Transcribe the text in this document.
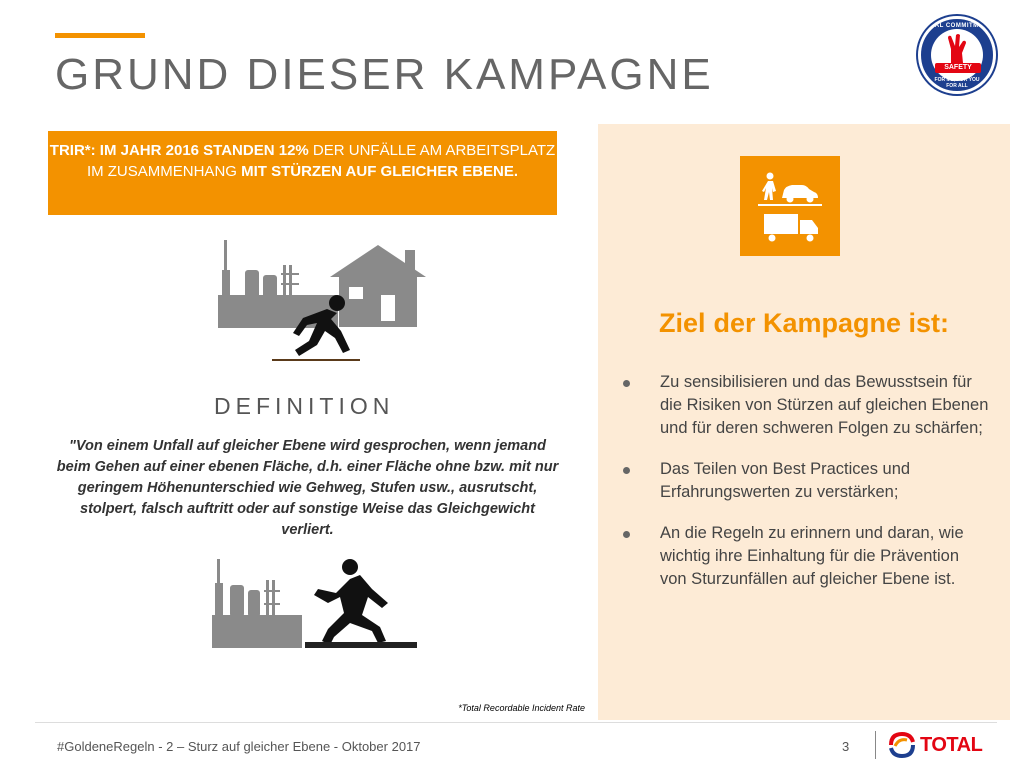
GRUND DIESER KAMPAGNE
TOTAL COMMITMENT
SAFETY
FOR ME, FOR YOU
FOR ALL
TRIR*: IM JAHR 2016 STANDEN 12% DER UNFÄLLE AM ARBEITSPLATZ IM ZUSAMMENHANG MIT STÜRZEN AUF GLEICHER EBENE.
DEFINITION

"Von einem Unfall auf gleicher Ebene wird gesprochen, wenn jemand beim Gehen auf einer ebenen Fläche, d.h. einer Fläche ohne bzw. mit nur geringem Höhenunterschied wie Gehweg, Stufen usw., ausrutscht, stolpert, falsch auftritt oder auf sonstige Weise das Gleichgewicht verliert.

*Total Recordable Incident Rate
Ziel der Kampagne ist:
Zu sensibilisieren und das Bewusstsein für die Risiken von Stürzen auf gleichen Ebenen und für deren schweren Folgen zu schärfen;
Das Teilen von Best Practices und Erfahrungswerten zu verstärken;
An die Regeln zu erinnern und daran, wie wichtig ihre Einhaltung für die Prävention von Sturzunfällen auf gleicher Ebene ist.
#GoldeneRegeln - 2 – Sturz auf gleicher Ebene - Oktober 2017	3	TOTAL
